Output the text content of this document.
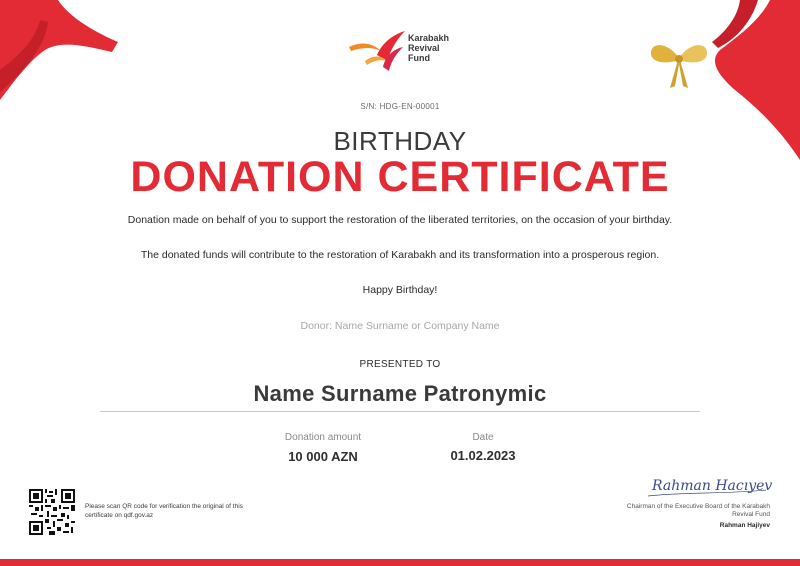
Karabakh
Revival
Fund
S/N: HDG-EN-00001
BIRTHDAY
DONATION CERTIFICATE
Donation made on behalf of you to support the restoration of the liberated territories, on the occasion of your birthday.
The donated funds will contribute to the restoration of Karabakh and its transformation into a prosperous region.
Happy Birthday!
Donor: Name Surname or Company Name
PRESENTED TO
Name Surname Patronymic
Donation amount
10 000 AZN
Date
01.02.2023
Please scan QR code for verification the original of this certificate on qdf.gov.az
Rahman Hacıyev
Chairman of the Executive Board of the Karabakh Revival Fund
Rahman Hajiyev
